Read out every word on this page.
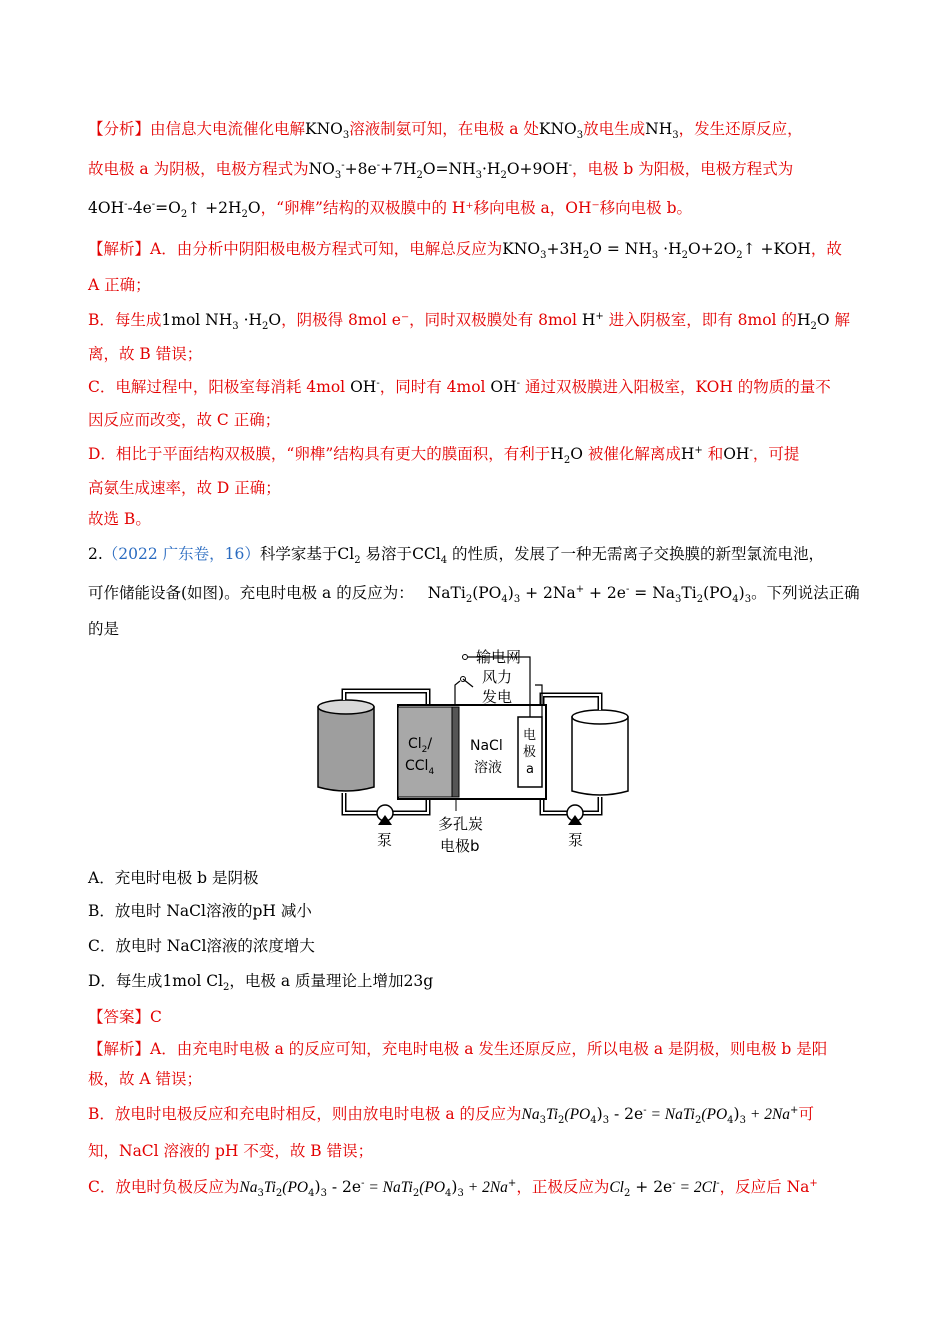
【分析】由信息大电流催化电解$KNO_3$溶液制氨可知，在电极 a 处$KNO_3$放电生成$NH_3$，发生还原反应，
故电极 a 为阴极，电极方程式为$NO_3^-+8e^-+7H_2O=NH_3\cdot H_2O+9OH^-$，电极 b 为阳极，电极方程式为
$4OH^--4e^-=O_2↑ +2H_2O$，“卵榫”结构的双极膜中的 H⁺移向电极 a，OH⁻移向电极 b。
【解析】A．由分析中阴阳极电极方程式可知，电解总反应为$KNO_3+3H_2O = NH_3$ $\cdot H_2O+2O_2↑ +KOH$，故
A 正确；
B．每生成1mol $NH_3 \cdot H_2O$，阴极得 8mol e⁻，同时双极膜处有 8mol H+ 进入阴极室，即有 8mol 的$H_2O$ 解
离，故 B 错误；
C．电解过程中，阳极室每消耗 4mol OH-，同时有 4mol OH- 通过双极膜进入阳极室，KOH 的物质的量不
因反应而改变，故 C 正确；
D．相比于平面结构双极膜，“卵榫”结构具有更大的膜面积，有利于$H_2O$ 被催化解离成H+ 和OH-，可提
高氨生成速率，故 D 正确；
故选 B。
2.（2022 广东卷，16）科学家基于$Cl_2$ 易溶于CCl$_4$ 的性质，发展了一种无需离子交换膜的新型氯流电池，
可作储能设备(如图)。充电时电极 a 的反应为： $NaTi_2(PO_4)_3 + 2Na^+ + 2e^- = Na_3Ti_2(PO_4)_3$。下列说法正确
的是
输电网
风力
发电
$Cl_2/$
CCl$_4$
NaCl
溶液
电
极
a
泵	泵
多孔炭
电极b
A．充电时电极 b 是阴极
B．放电时 NaCl溶液的pH 减小
C．放电时 NaCl溶液的浓度增大
D．每生成1mol $Cl_2$，电极 a 质量理论上增加23g
【答案】C
【解析】A．由充电时电极 a 的反应可知，充电时电极 a 发生还原反应，所以电极 a 是阴极，则电极 b 是阳
极，故 A 错误；
B．放电时电极反应和充电时相反，则由放电时电极 a 的反应为$Na_3Ti_2(PO_4)_3 - 2e^-$ = $NaTi_2(PO_4)_3 + 2Na^+$可
知，NaCl 溶液的 pH 不变，故 B 错误；
C．放电时负极反应为$Na_3Ti_2(PO_4)_3 - 2e^-$ = $NaTi_2(PO_4)_3 + 2Na^+$，正极反应为$Cl_2 + 2e^- = 2Cl^-$，反应后 Na+
